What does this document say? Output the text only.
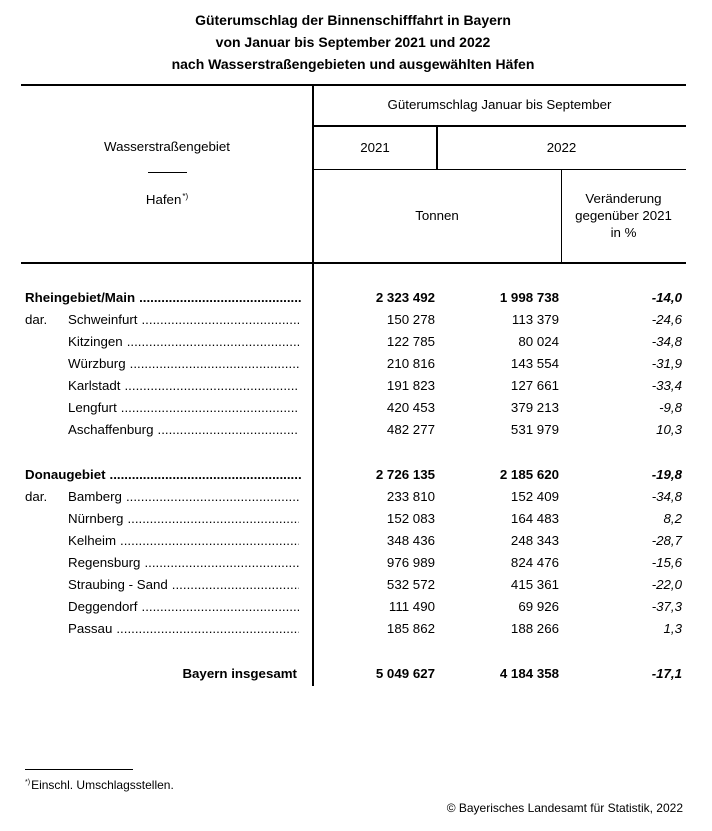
Güterumschlag der Binnenschifffahrt in Bayern
von Januar bis September 2021 und 2022
nach Wasserstraßengebieten und ausgewählten Häfen
Wasserstraßengebiet
Hafen*)
Güterumschlag Januar bis September
2021	2022
Tonnen
Veränderung
gegenüber 2021
in %
Rheingebiet/Main .....	2 323 492	1 998 738	-14,0
dar. Schweinfurt .....	150 278	113 379	-24,6
Kitzingen .....	122 785	80 024	-34,8
Würzburg .....	210 816	143 554	-31,9
Karlstadt .....	191 823	127 661	-33,4
Lengfurt .....	420 453	379 213	-9,8
Aschaffenburg .....	482 277	531 979	10,3
Donaugebiet .....	2 726 135	2 185 620	-19,8
dar. Bamberg .....	233 810	152 409	-34,8
Nürnberg .....	152 083	164 483	8,2
Kelheim .....	348 436	248 343	-28,7
Regensburg .....	976 989	824 476	-15,6
Straubing - Sand .....	532 572	415 361	-22,0
Deggendorf .....	111 490	69 926	-37,3
Passau .....	185 862	188 266	1,3
Bayern insgesamt	5 049 627	4 184 358	-17,1
*)Einschl. Umschlagsstellen.
© Bayerisches Landesamt für Statistik, 2022
